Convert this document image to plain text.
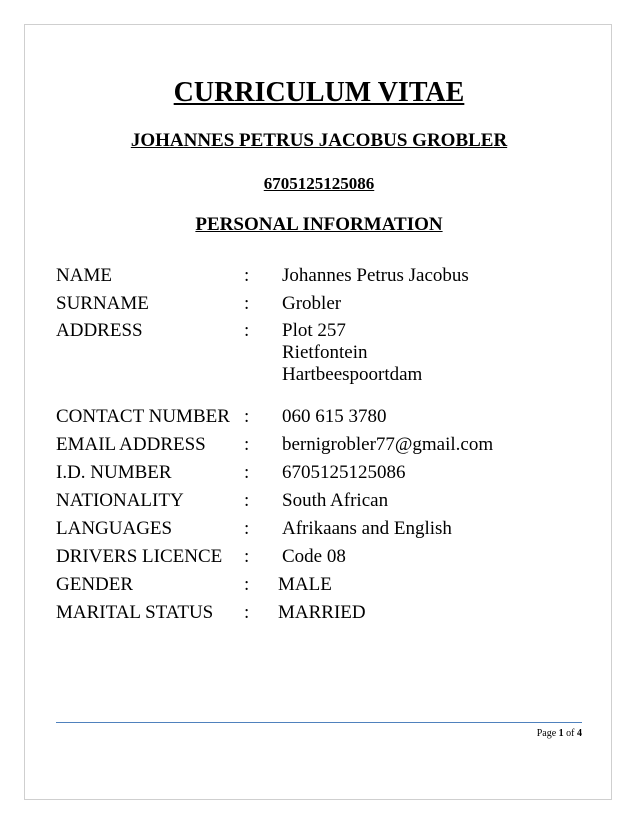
CURRICULUM VITAE
JOHANNES PETRUS JACOBUS GROBLER
6705125125086
PERSONAL INFORMATION
NAME	: Johannes Petrus Jacobus
SURNAME	: Grobler
ADDRESS	: Plot 257
Rietfontein
Hartbeespoortdam
CONTACT NUMBER : 060 615 3780
EMAIL ADDRESS : bernigrobler77@gmail.com
I.D. NUMBER	: 6705125125086
NATIONALITY	: South African
LANGUAGES	: Afrikaans and English
DRIVERS LICENCE : Code 08
GENDER	: MALE
MARITAL STATUS : MARRIED
Page 1 of 4
